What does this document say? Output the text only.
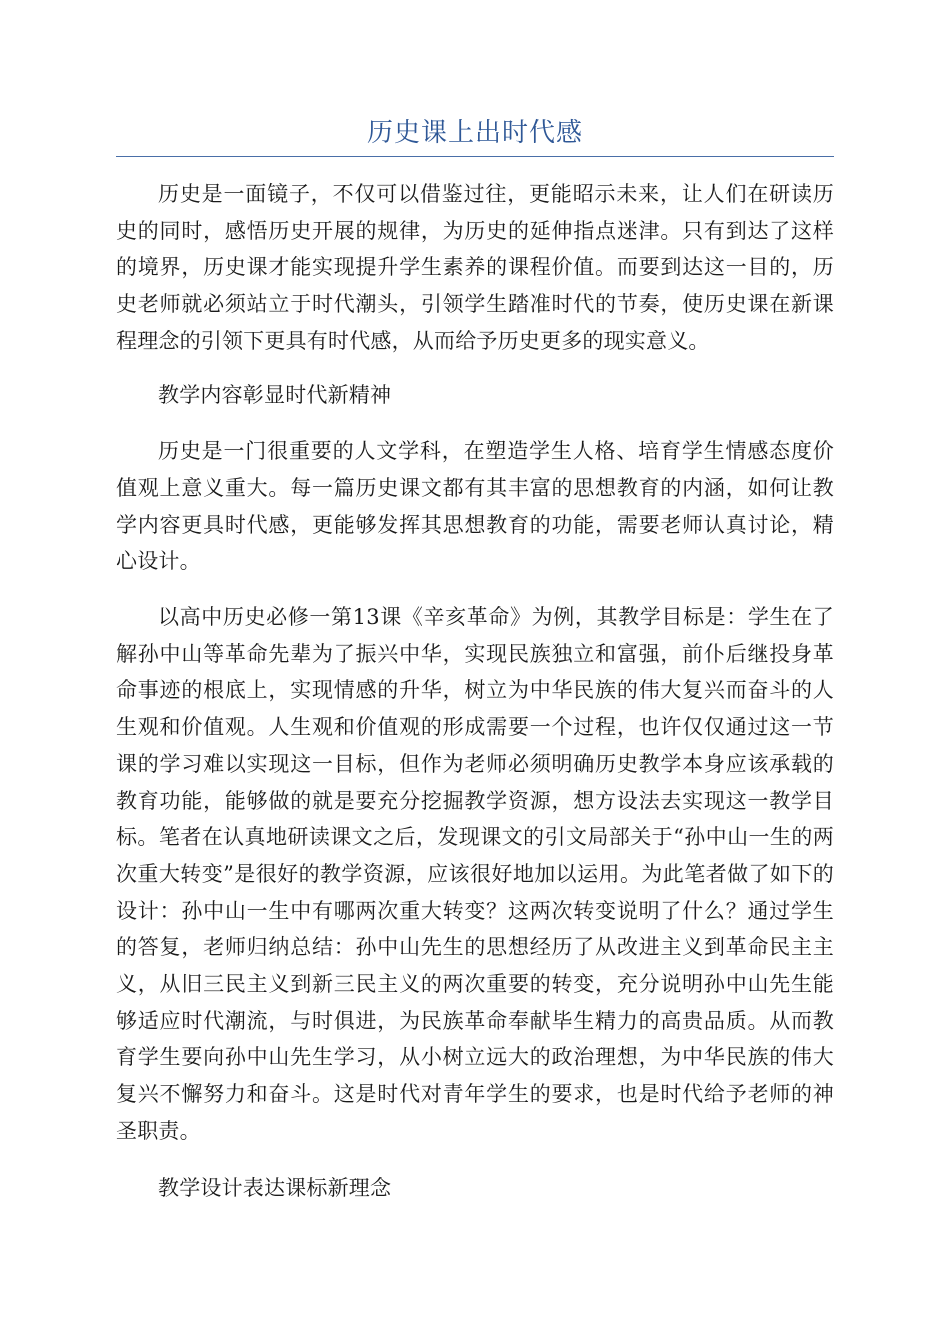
历史课上出时代感

历史是一面镜子，不仅可以借鉴过往，更能昭示未来，让人们在研读历史的同时，感悟历史开展的规律，为历史的延伸指点迷津。只有到达了这样的境界，历史课才能实现提升学生素养的课程价值。而要到达这一目的，历史老师就必须站立于时代潮头，引领学生踏准时代的节奏，使历史课在新课程理念的引领下更具有时代感，从而给予历史更多的现实意义。

教学内容彰显时代新精神

历史是一门很重要的人文学科，在塑造学生人格、培育学生情感态度价值观上意义重大。每一篇历史课文都有其丰富的思想教育的内涵，如何让教学内容更具时代感，更能够发挥其思想教育的功能，需要老师认真讨论，精心设计。

以高中历史必修一第13课《辛亥革命》为例，其教学目标是：学生在了解孙中山等革命先辈为了振兴中华，实现民族独立和富强，前仆后继投身革命事迹的根底上，实现情感的升华，树立为中华民族的伟大复兴而奋斗的人生观和价值观。人生观和价值观的形成需要一个过程，也许仅仅通过这一节课的学习难以实现这一目标，但作为老师必须明确历史教学本身应该承载的教育功能，能够做的就是要充分挖掘教学资源，想方设法去实现这一教学目标。笔者在认真地研读课文之后，发现课文的引文局部关于“孙中山一生的两次重大转变”是很好的教学资源，应该很好地加以运用。为此笔者做了如下的设计：孙中山一生中有哪两次重大转变？这两次转变说明了什么？通过学生的答复，老师归纳总结：孙中山先生的思想经历了从改进主义到革命民主主义，从旧三民主义到新三民主义的两次重要的转变，充分说明孙中山先生能够适应时代潮流，与时俱进，为民族革命奉献毕生精力的高贵品质。从而教育学生要向孙中山先生学习，从小树立远大的政治理想，为中华民族的伟大复兴不懈努力和奋斗。这是时代对青年学生的要求，也是时代给予老师的神圣职责。

教学设计表达课标新理念
